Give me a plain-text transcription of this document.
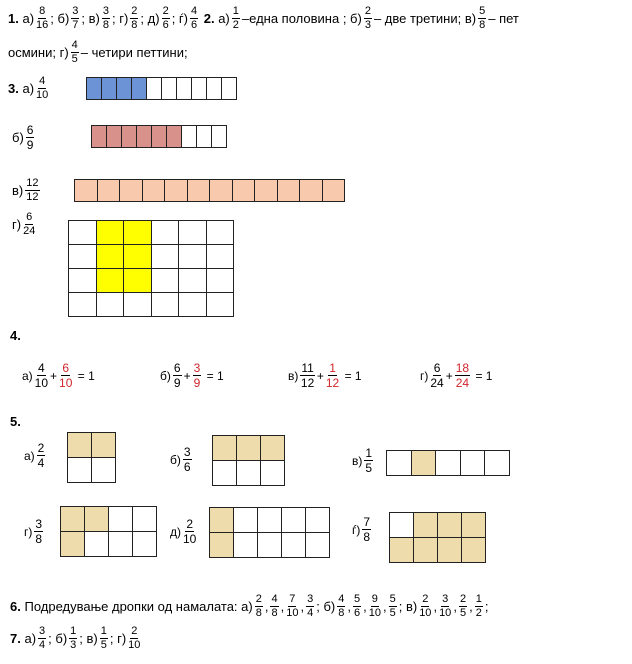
1.
$а) \frac{8}{16}$ ; $б) \frac{3}{7}$ ; $в) \frac{3}{8}$ ; $г) \frac{2}{8}$ ; $д) \frac{2}{6}$ ; $ѓ) \frac{4}{6}$
2.
$а) \frac{1}{2}$ –една половина
; $б) \frac{2}{3}$ – две третини;
$в) \frac{5}{8}$ – пет
осмини ; $г) \frac{4}{5}$ – четири петтини;
3.
$а) \frac{4}{10}$
$б) \frac{6}{9}$
$в) \frac{12}{12}$
$г) \frac{6}{24}$
4.
$а) \frac{4}{10} + \frac{6}{10}$
= 1	$б) \frac{6}{9} + \frac{3}{9}$
= 1	$в) \frac{11}{12} + \frac{1}{12}$
= 1	$г) \frac{6}{24} + \frac{18}{24}$
= 1
5.
$а) \frac{2}{4}$	$б) \frac{3}{6}$	$в) \frac{1}{5}$
$г) \frac{3}{8}$	$д) \frac{2}{10}$	$ѓ) \frac{7}{8}$
6.
Подредување дропки од намалата: $а) \frac{2}{8}$ , $\frac{4}{8}$ , $\frac{7}{10}$ , $\frac{3}{4}$ ; $б) \frac{4}{8}$ , $\frac{5}{6}$ , $\frac{9}{10}$ , $\frac{5}{5}$ ; $в) \frac{2}{10}$ , $\frac{3}{10}$ , $\frac{2}{5}$ , $\frac{1}{2}$ ;
7.
$а) \frac{3}{4}$ ; $б) \frac{1}{3}$ ; $в) \frac{1}{5}$ ; $г) \frac{2}{10}$
